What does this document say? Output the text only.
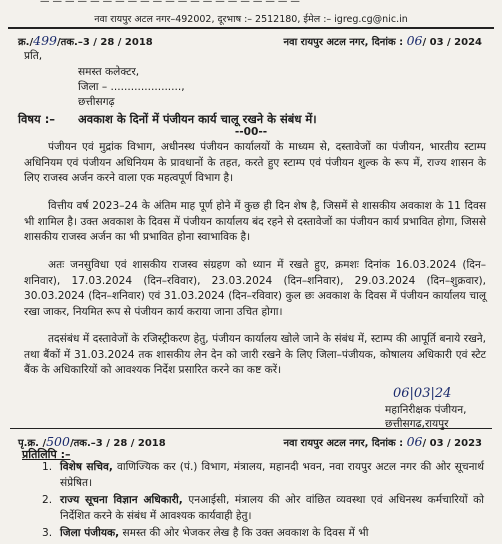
— — — — — — — — — — — — — — — — — — — — —
नवा रायपुर अटल नगर–492002, दूरभाष :– 2512180, ईमेल :– igreg.cg@nic.in
क्र./499/तक.–3 / 28 / 2018	नवा रायपुर अटल नगर, दिनांक : 06/ 03 / 2024
प्रति,
समस्त कलेक्टर,
जिला – .....................,
छत्तीसगढ़
विषय :– अवकाश के दिनों में पंजीयन कार्य चालू रखने के संबंध में।
--00--
पंजीयन एवं मुद्रांक विभाग, अधीनस्थ पंजीयन कार्यालयों के माध्यम से, दस्तावेजों का पंजीयन, भारतीय स्टाम्प अधिनियम एवं पंजीयन अधिनियम के प्रावधानों के तहत, करते हुए स्टाम्प एवं पंजीयन शुल्क के रूप में, राज्य शासन के लिए राजस्व अर्जन करने वाला एक महत्वपूर्ण विभाग है।
वित्तीय वर्ष 2023–24 के अंतिम माह पूर्ण होने में कुछ ही दिन शेष है, जिसमें से शासकीय अवकाश के 11 दिवस भी शामिल है। उक्त अवकाश के दिवस में पंजीयन कार्यालय बंद रहने से दस्तावेजों का पंजीयन कार्य प्रभावित होगा, जिससे शासकीय राजस्व अर्जन का भी प्रभावित होना स्वाभाविक है।
अतः जनसुविधा एवं शासकीय राजस्व संग्रहण को ध्यान में रखते हुए, क्रमशः दिनांक 16.03.2024 (दिन–शनिवार), 17.03.2024 (दिन–रविवार), 23.03.2024 (दिन–शनिवार), 29.03.2024 (दिन–शुक्रवार), 30.03.2024 (दिन–शनिवार) एवं 31.03.2024 (दिन–रविवार) कुल छः अवकाश के दिवस में पंजीयन कार्यालय चालू रखा जाकर, नियमित रूप से पंजीयन कार्य कराया जाना उचित होगा।
तदसंबंध में दस्तावेजों के रजिस्ट्रीकरण हेतु, पंजीयन कार्यालय खोले जाने के संबंध में, स्टाम्प की आपूर्ति बनाये रखने, तथा बैंकों में 31.03.2024 तक शासकीय लेन देन को जारी रखने के लिए जिला–पंजीयक, कोषालय अधिकारी एवं स्टेट बैंक के अधिकारियों को आवश्यक निर्देश प्रसारित करने का कष्ट करें।
06|03|24
महानिरीक्षक पंजीयन,
छत्तीसगढ़,रायपुर
पृ.क्र. /500/तक.–3 / 28 / 2018	नवा रायपुर अटल नगर, दिनांक : 06/ 03 / 2023
प्रतिलिपि :–
1. विशेष सचिव, वाणिज्यिक कर (पं.) विभाग, मंत्रालय, महानदी भवन, नवा रायपुर अटल नगर की ओर सूचनार्थ संप्रेषित।
2. राज्य सूचना विज्ञान अधिकारी, एनआईसी, मंत्रालय की ओर वांछित व्यवस्था एवं अधिनस्थ कर्मचारियों को निर्देशित करने के संबंध में आवश्यक कार्यवाही हेतु।
3. जिला पंजीयक, समस्त की ओर भेजकर लेख है कि उक्त अवकाश के दिवस में भी
